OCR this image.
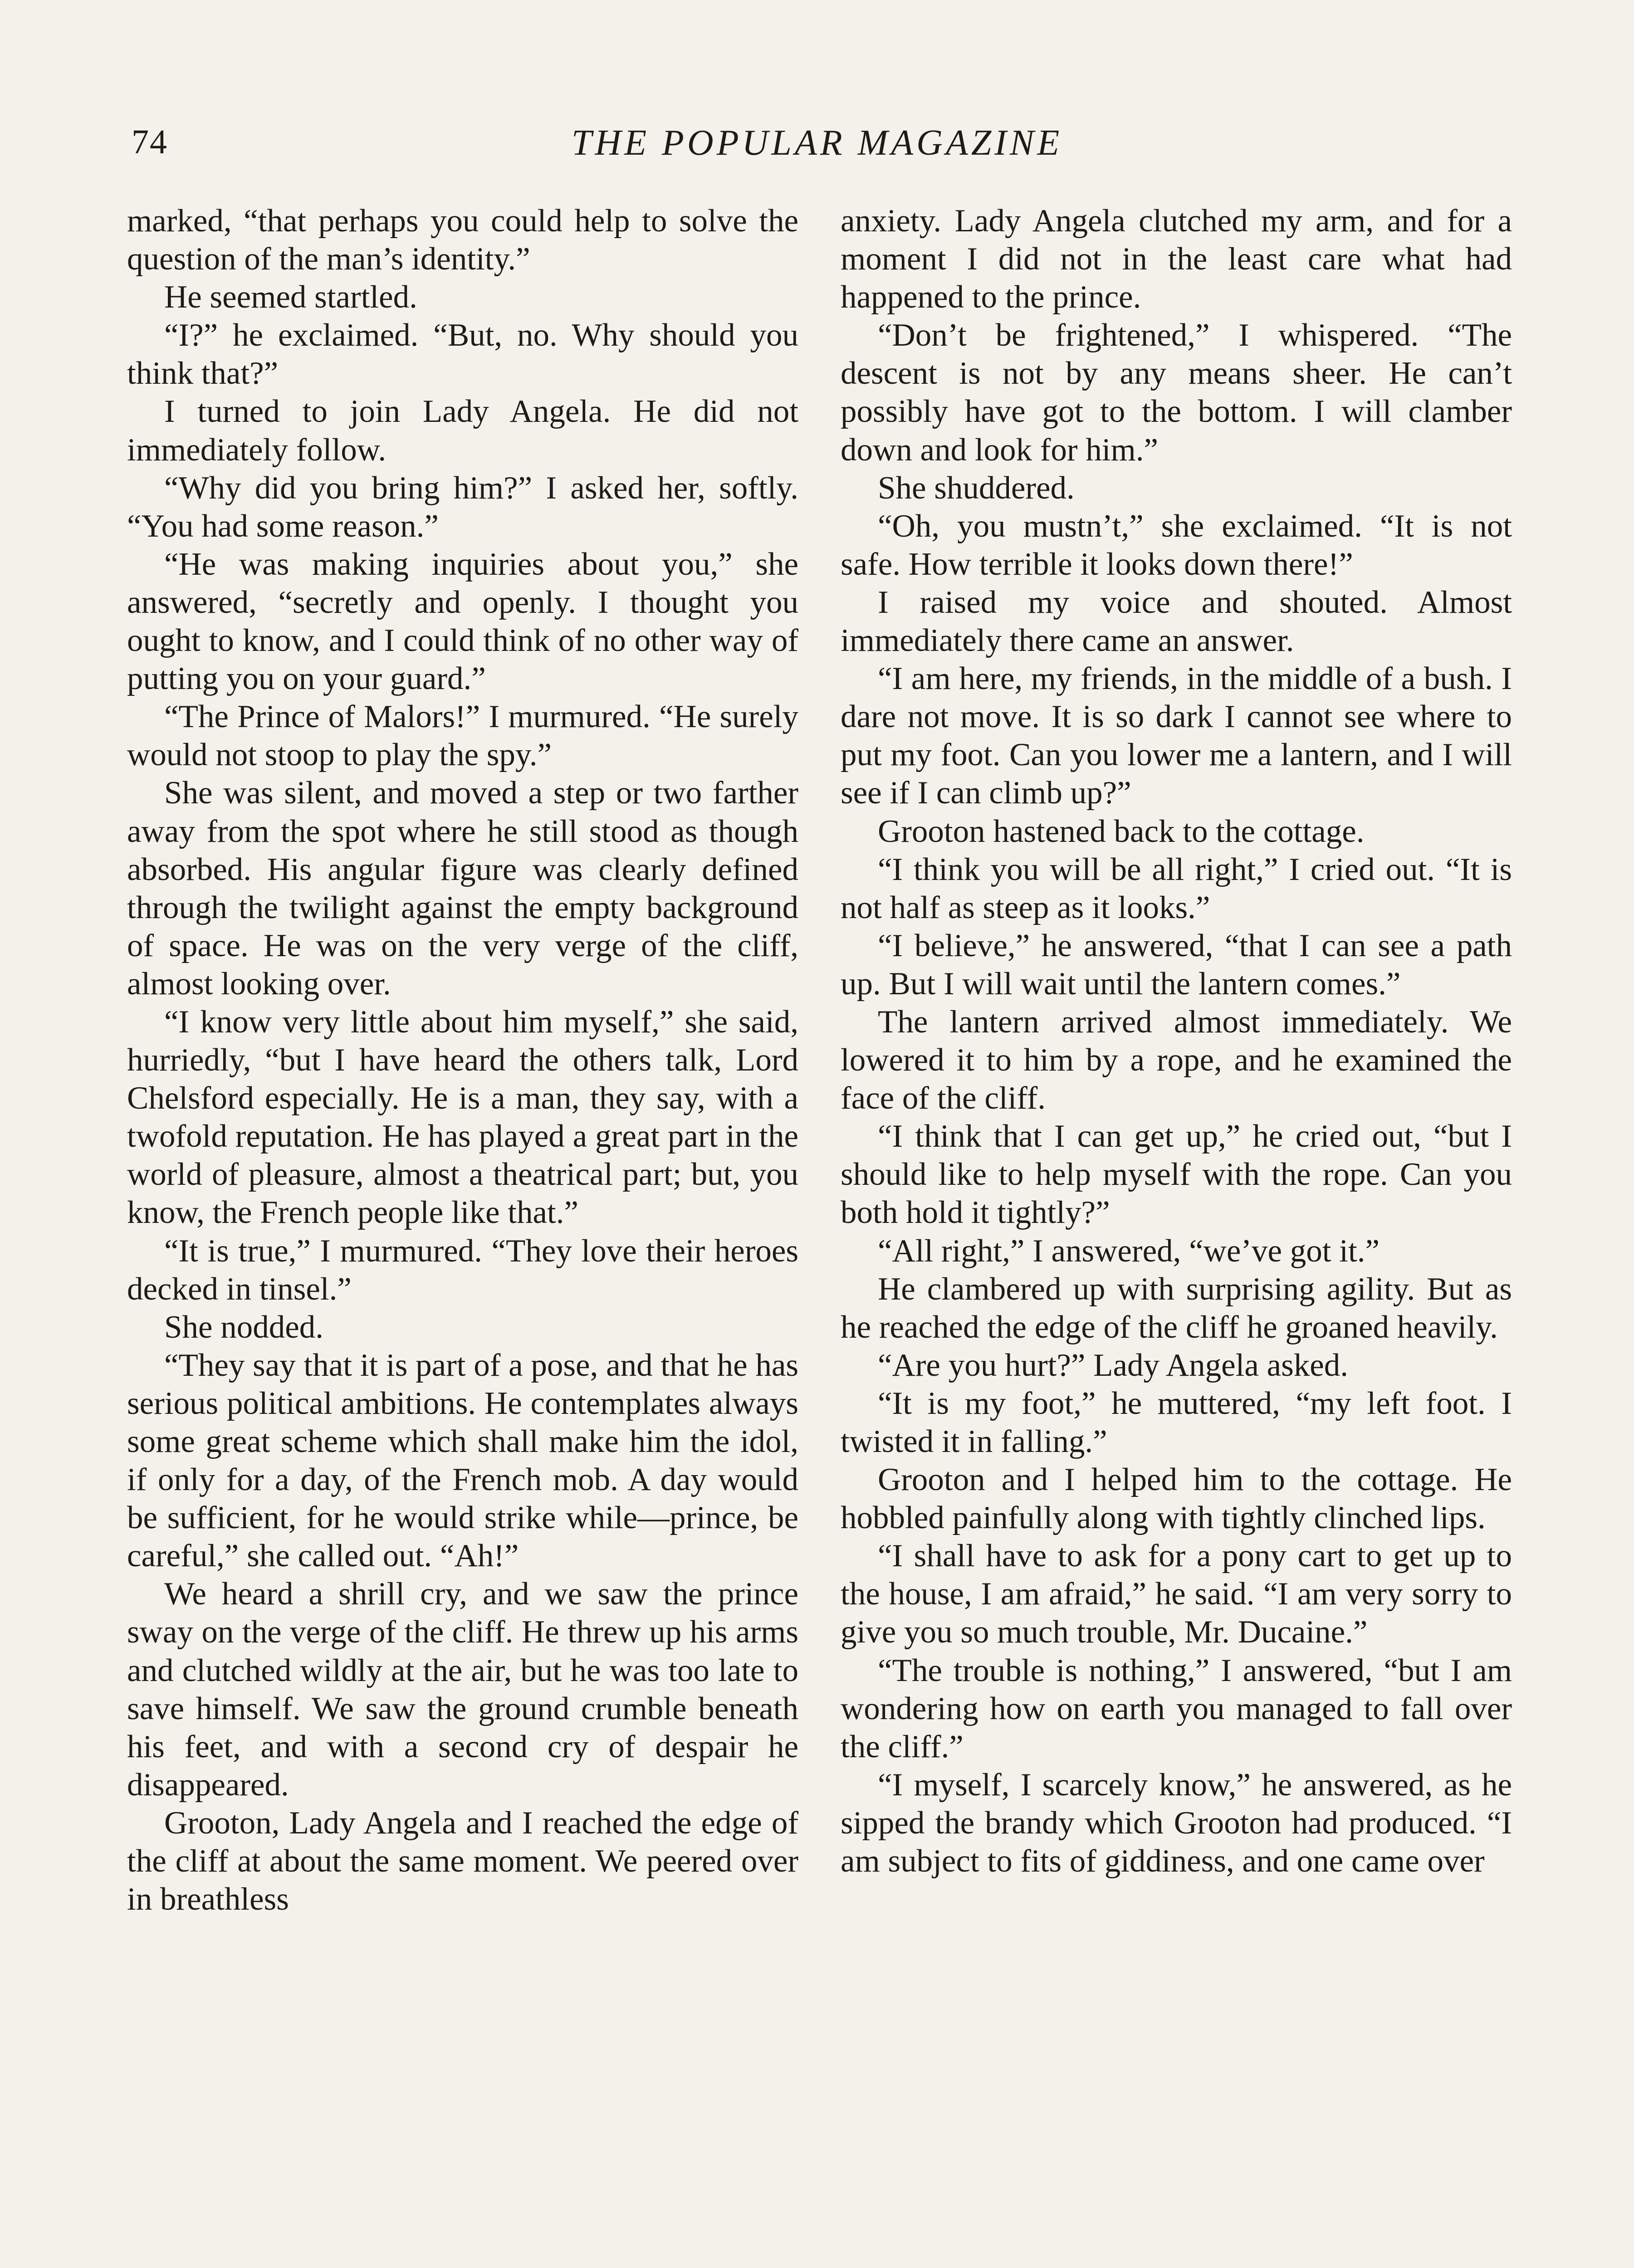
74	THE POPULAR MAGAZINE

marked, “that perhaps you could help to solve the question of the man’s identity.”

He seemed startled.

“I?” he exclaimed. “But, no. Why should you think that?”

I turned to join Lady Angela. He did not immediately follow.

“Why did you bring him?” I asked her, softly. “You had some reason.”

“He was making inquiries about you,” she answered, “secretly and openly. I thought you ought to know, and I could think of no other way of putting you on your guard.”

“The Prince of Malors!” I murmured. “He surely would not stoop to play the spy.”

She was silent, and moved a step or two farther away from the spot where he still stood as though absorbed. His angular figure was clearly defined through the twilight against the empty background of space. He was on the very verge of the cliff, almost looking over.

“I know very little about him myself,” she said, hurriedly, “but I have heard the others talk, Lord Chelsford especially. He is a man, they say, with a twofold reputation. He has played a great part in the world of pleasure, almost a theatrical part; but, you know, the French people like that.”

“It is true,” I murmured. “They love their heroes decked in tinsel.”

She nodded.

“They say that it is part of a pose, and that he has serious political ambitions. He contemplates always some great scheme which shall make him the idol, if only for a day, of the French mob. A day would be sufficient, for he would strike while—prince, be careful,” she called out. “Ah!”

We heard a shrill cry, and we saw the prince sway on the verge of the cliff. He threw up his arms and clutched wildly at the air, but he was too late to save himself. We saw the ground crumble beneath his feet, and with a second cry of despair he disappeared.

Grooton, Lady Angela and I reached the edge of the cliff at about the same moment. We peered over in breathless

anxiety. Lady Angela clutched my arm, and for a moment I did not in the least care what had happened to the prince.

“Don’t be frightened,” I whispered. “The descent is not by any means sheer. He can’t possibly have got to the bottom. I will clamber down and look for him.”

She shuddered.

“Oh, you mustn’t,” she exclaimed. “It is not safe. How terrible it looks down there!”

I raised my voice and shouted. Almost immediately there came an answer.

“I am here, my friends, in the middle of a bush. I dare not move. It is so dark I cannot see where to put my foot. Can you lower me a lantern, and I will see if I can climb up?”

Grooton hastened back to the cottage.

“I think you will be all right,” I cried out. “It is not half as steep as it looks.”

“I believe,” he answered, “that I can see a path up. But I will wait until the lantern comes.”

The lantern arrived almost immediately. We lowered it to him by a rope, and he examined the face of the cliff.

“I think that I can get up,” he cried out, “but I should like to help myself with the rope. Can you both hold it tightly?”

“All right,” I answered, “we’ve got it.”

He clambered up with surprising agility. But as he reached the edge of the cliff he groaned heavily.

“Are you hurt?” Lady Angela asked.

“It is my foot,” he muttered, “my left foot. I twisted it in falling.”

Grooton and I helped him to the cottage. He hobbled painfully along with tightly clinched lips.

“I shall have to ask for a pony cart to get up to the house, I am afraid,” he said. “I am very sorry to give you so much trouble, Mr. Ducaine.”

“The trouble is nothing,” I answered, “but I am wondering how on earth you managed to fall over the cliff.”

“I myself, I scarcely know,” he answered, as he sipped the brandy which Grooton had produced. “I am subject to fits of giddiness, and one came over
